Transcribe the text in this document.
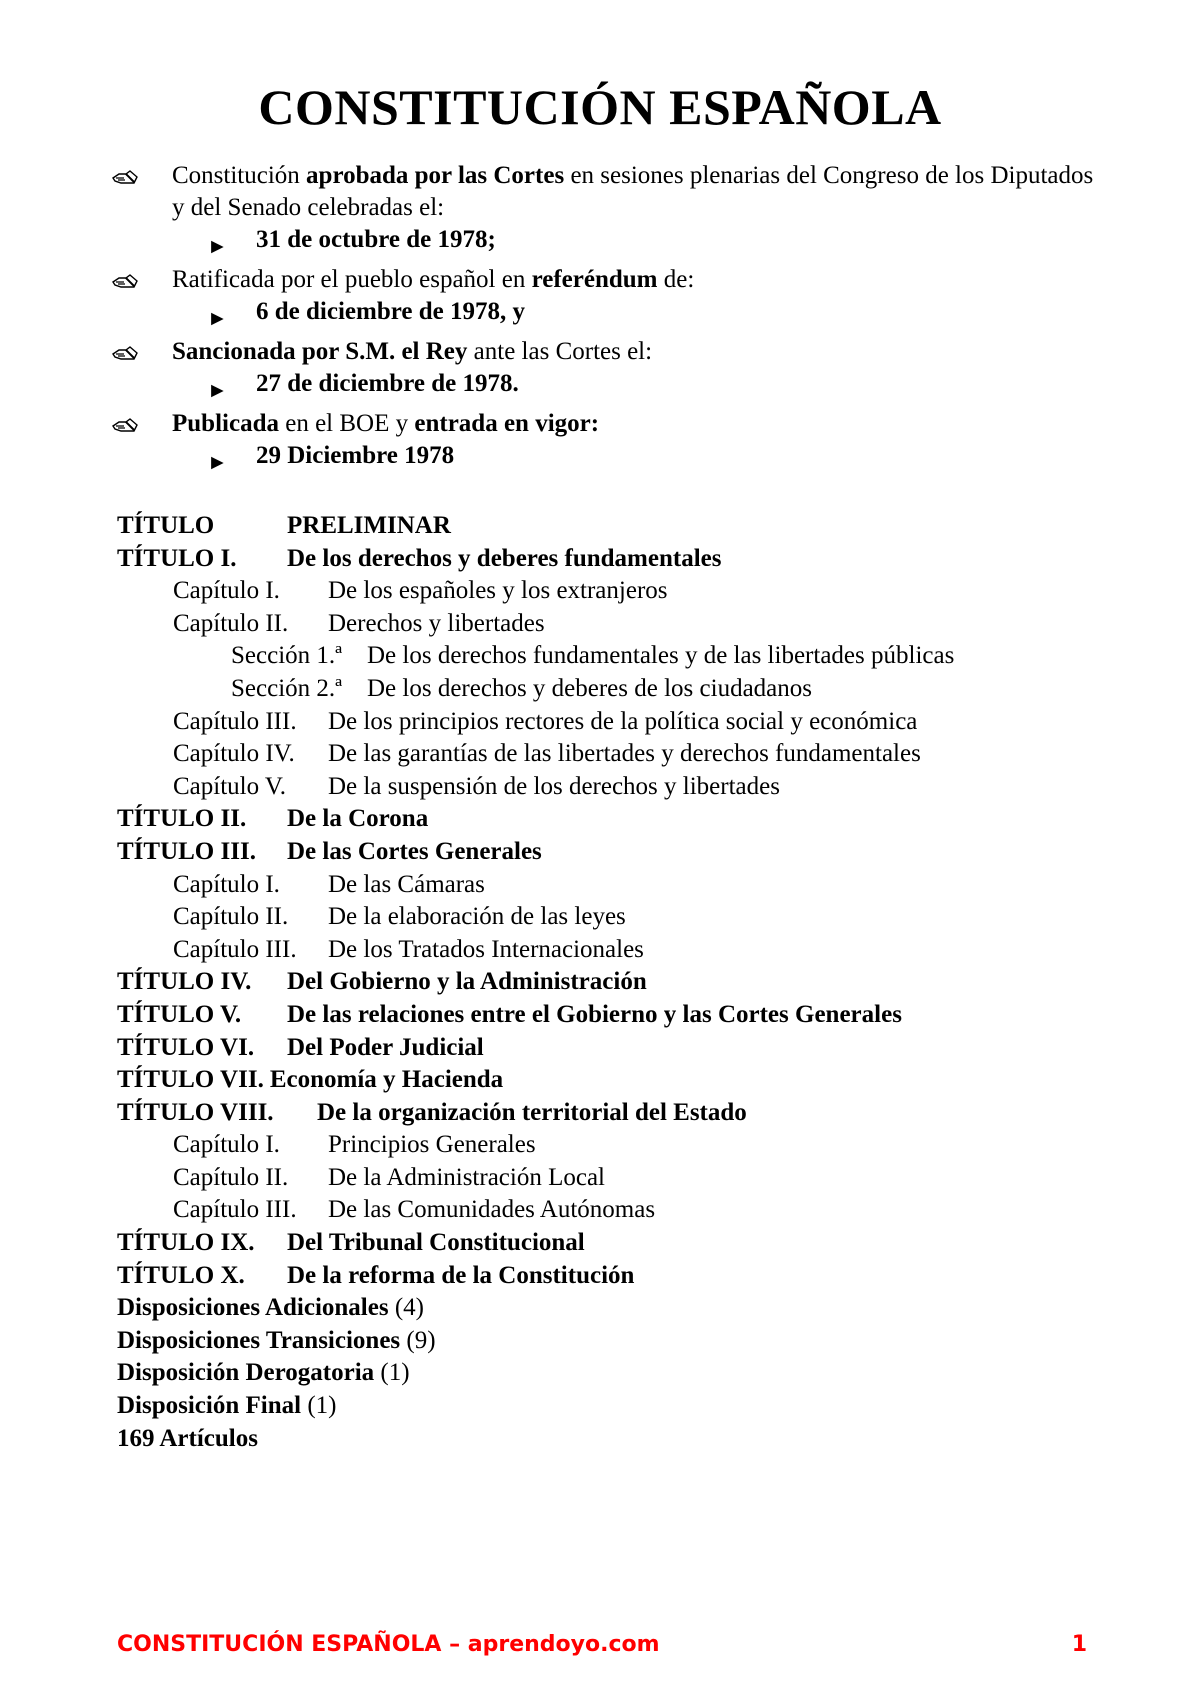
CONSTITUCIÓN ESPAÑOLA
Constitución aprobada por las Cortes en sesiones plenarias del Congreso de los Diputados y del Senado celebradas el:
► 31 de octubre de 1978;
Ratificada por el pueblo español en referéndum de:
► 6 de diciembre de 1978, y
Sancionada por S.M. el Rey ante las Cortes el:
► 27 de diciembre de 1978.
Publicada en el BOE y entrada en vigor:
► 29 Diciembre 1978
TÍTULO	PRELIMINAR
TÍTULO I. De los derechos y deberes fundamentales
Capítulo I. De los españoles y los extranjeros
Capítulo II. Derechos y libertades
Sección 1.ª De los derechos fundamentales y de las libertades públicas
Sección 2.ª De los derechos y deberes de los ciudadanos
Capítulo III. De los principios rectores de la política social y económica
Capítulo IV. De las garantías de las libertades y derechos fundamentales
Capítulo V. De la suspensión de los derechos y libertades
TÍTULO II. De la Corona
TÍTULO III. De las Cortes Generales
Capítulo I. De las Cámaras
Capítulo II. De la elaboración de las leyes
Capítulo III. De los Tratados Internacionales
TÍTULO IV. Del Gobierno y la Administración
TÍTULO V. De las relaciones entre el Gobierno y las Cortes Generales
TÍTULO VI. Del Poder Judicial
TÍTULO VII. Economía y Hacienda
TÍTULO VIII. De la organización territorial del Estado
Capítulo I. Principios Generales
Capítulo II. De la Administración Local
Capítulo III. De las Comunidades Autónomas
TÍTULO IX. Del Tribunal Constitucional
TÍTULO X. De la reforma de la Constitución
Disposiciones Adicionales (4)
Disposiciones Transiciones (9)
Disposición Derogatoria (1)
Disposición Final (1)
169 Artículos
CONSTITUCIÓN ESPAÑOLA – aprendoyo.com	1
